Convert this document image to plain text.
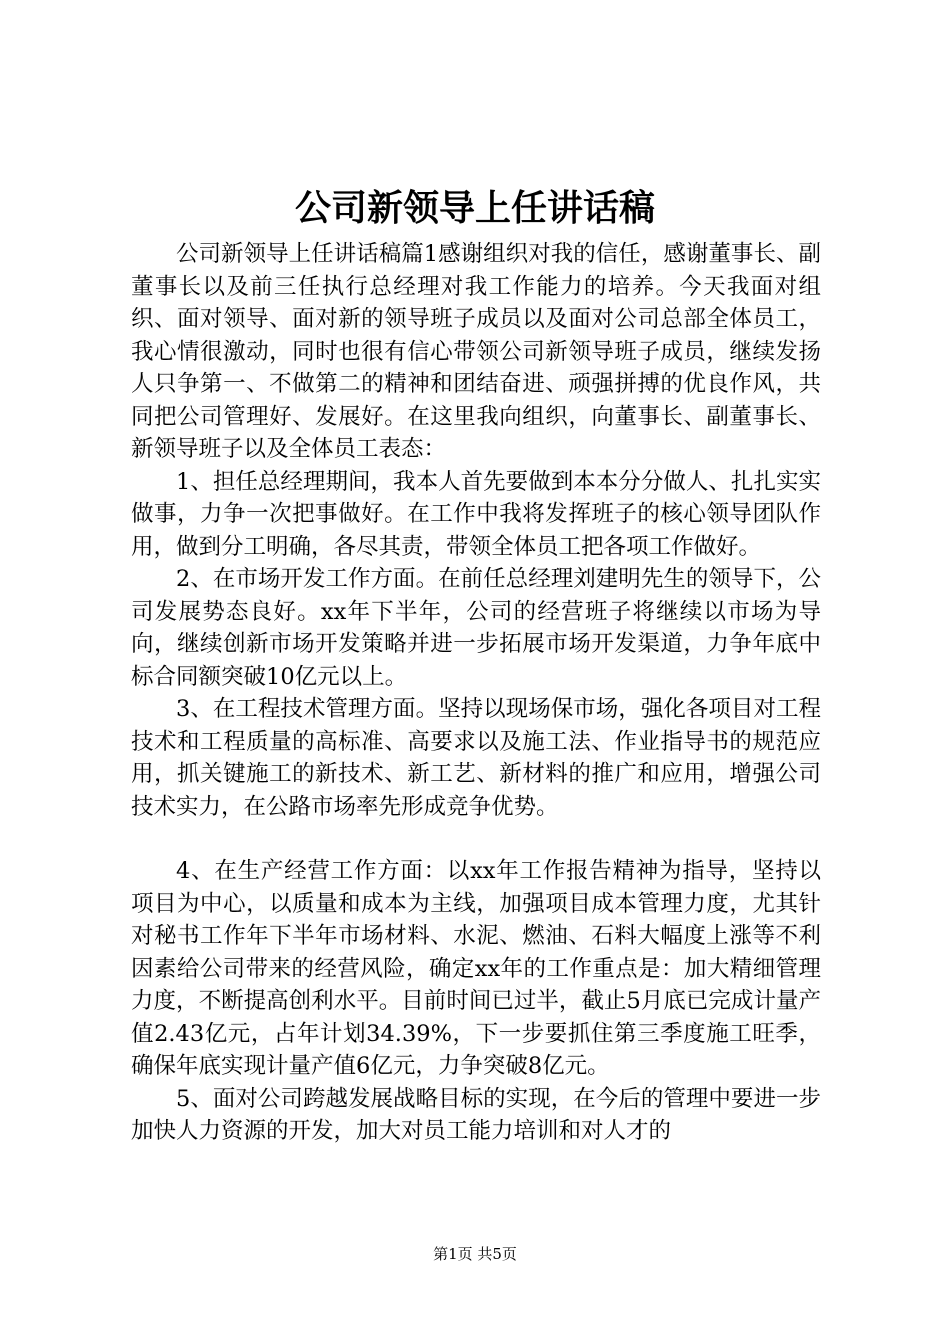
公司新领导上任讲话稿

公司新领导上任讲话稿篇1感谢组织对我的信任，感谢董事长、副董事长以及前三任执行总经理对我工作能力的培养。今天我面对组织、面对领导、面对新的领导班子成员以及面对公司总部全体员工，我心情很激动，同时也很有信心带领公司新领导班子成员，继续发扬人只争第一、不做第二的精神和团结奋进、顽强拼搏的优良作风，共同把公司管理好、发展好。在这里我向组织，向董事长、副董事长、新领导班子以及全体员工表态：

1、担任总经理期间，我本人首先要做到本本分分做人、扎扎实实做事，力争一次把事做好。在工作中我将发挥班子的核心领导团队作用，做到分工明确，各尽其责，带领全体员工把各项工作做好。

2、在市场开发工作方面。在前任总经理刘建明先生的领导下，公司发展势态良好。xx年下半年，公司的经营班子将继续以市场为导向，继续创新市场开发策略并进一步拓展市场开发渠道，力争年底中标合同额突破10亿元以上。

3、在工程技术管理方面。坚持以现场保市场，强化各项目对工程技术和工程质量的高标准、高要求以及施工法、作业指导书的规范应用，抓关键施工的新技术、新工艺、新材料的推广和应用，增强公司技术实力，在公路市场率先形成竞争优势。

4、在生产经营工作方面：以xx年工作报告精神为指导，坚持以项目为中心，以质量和成本为主线，加强项目成本管理力度，尤其针对秘书工作年下半年市场材料、水泥、燃油、石料大幅度上涨等不利因素给公司带来的经营风险，确定xx年的工作重点是：加大精细管理力度，不断提高创利水平。目前时间已过半，截止5月底已完成计量产值2.43亿元，占年计划34.39%，下一步要抓住第三季度施工旺季，确保年底实现计量产值6亿元，力争突破8亿元。

5、面对公司跨越发展战略目标的实现，在今后的管理中要进一步加快人力资源的开发，加大对员工能力培训和对人才的

第1页 共5页
